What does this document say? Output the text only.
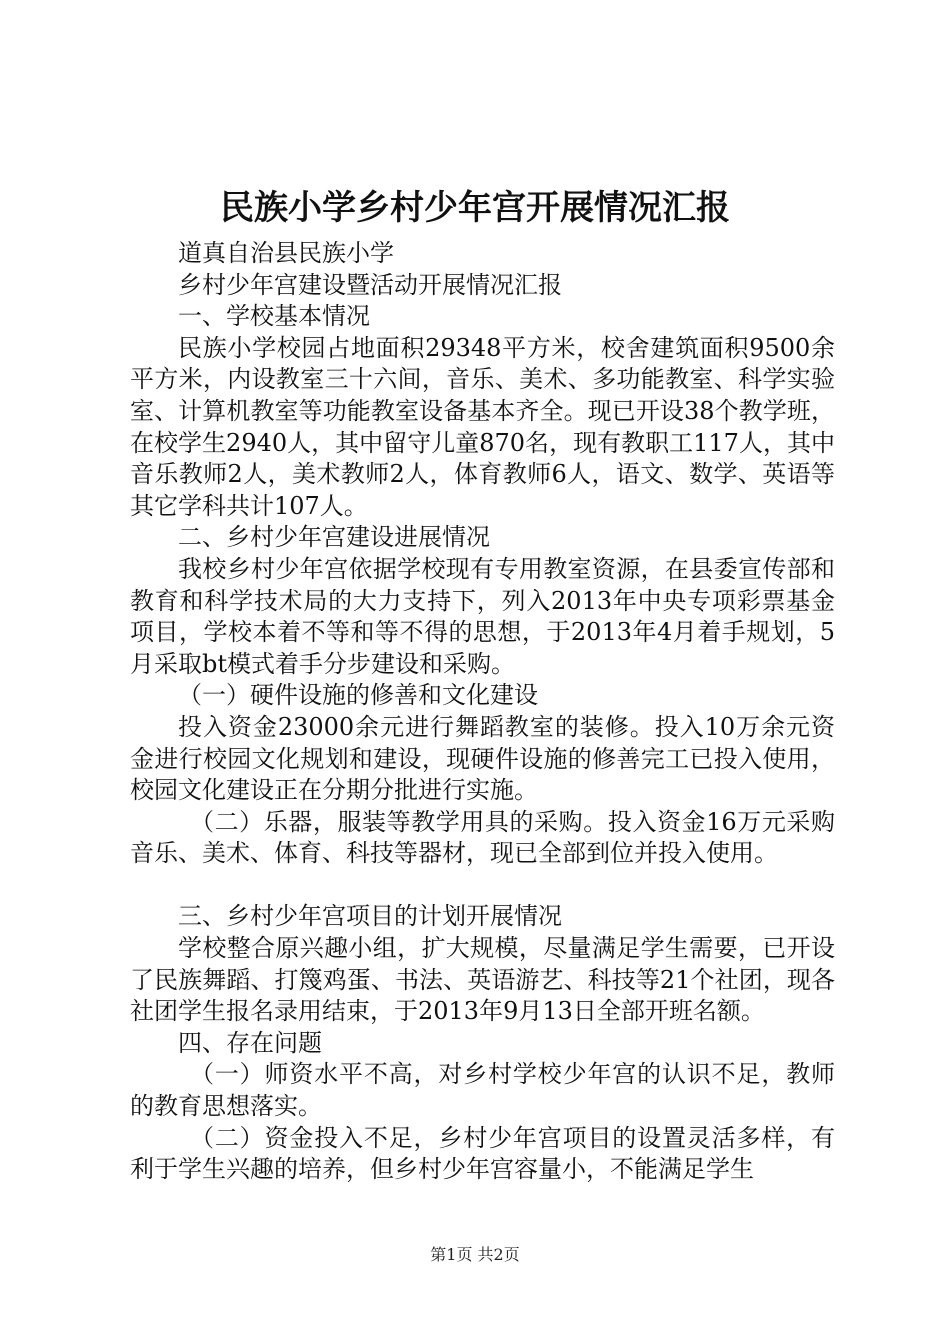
民族小学乡村少年宫开展情况汇报

道真自治县民族小学

乡村少年宫建设暨活动开展情况汇报

一、学校基本情况

民族小学校园占地面积29348平方米，校舍建筑面积9500余平方米，内设教室三十六间，音乐、美术、多功能教室、科学实验室、计算机教室等功能教室设备基本齐全。现已开设38个教学班，在校学生2940人，其中留守儿童870名，现有教职工117人，其中音乐教师2人，美术教师2人，体育教师6人，语文、数学、英语等其它学科共计107人。

二、乡村少年宫建设进展情况

我校乡村少年宫依据学校现有专用教室资源，在县委宣传部和教育和科学技术局的大力支持下，列入2013年中央专项彩票基金项目，学校本着不等和等不得的思想，于2013年4月着手规划，5月采取bt模式着手分步建设和采购。

（一）硬件设施的修善和文化建设

投入资金23000余元进行舞蹈教室的装修。投入10万余元资金进行校园文化规划和建设，现硬件设施的修善完工已投入使用，校园文化建设正在分期分批进行实施。

（二）乐器，服装等教学用具的采购。投入资金16万元采购音乐、美术、体育、科技等器材，现已全部到位并投入使用。

三、乡村少年宫项目的计划开展情况

学校整合原兴趣小组，扩大规模，尽量满足学生需要，已开设了民族舞蹈、打篾鸡蛋、书法、英语游艺、科技等21个社团，现各社团学生报名录用结束，于2013年9月13日全部开班名额。

四、存在问题

（一）师资水平不高，对乡村学校少年宫的认识不足，教师的教育思想落实。

（二）资金投入不足，乡村少年宫项目的设置灵活多样，有利于学生兴趣的培养，但乡村少年宫容量小，不能满足学生

第1页 共2页
